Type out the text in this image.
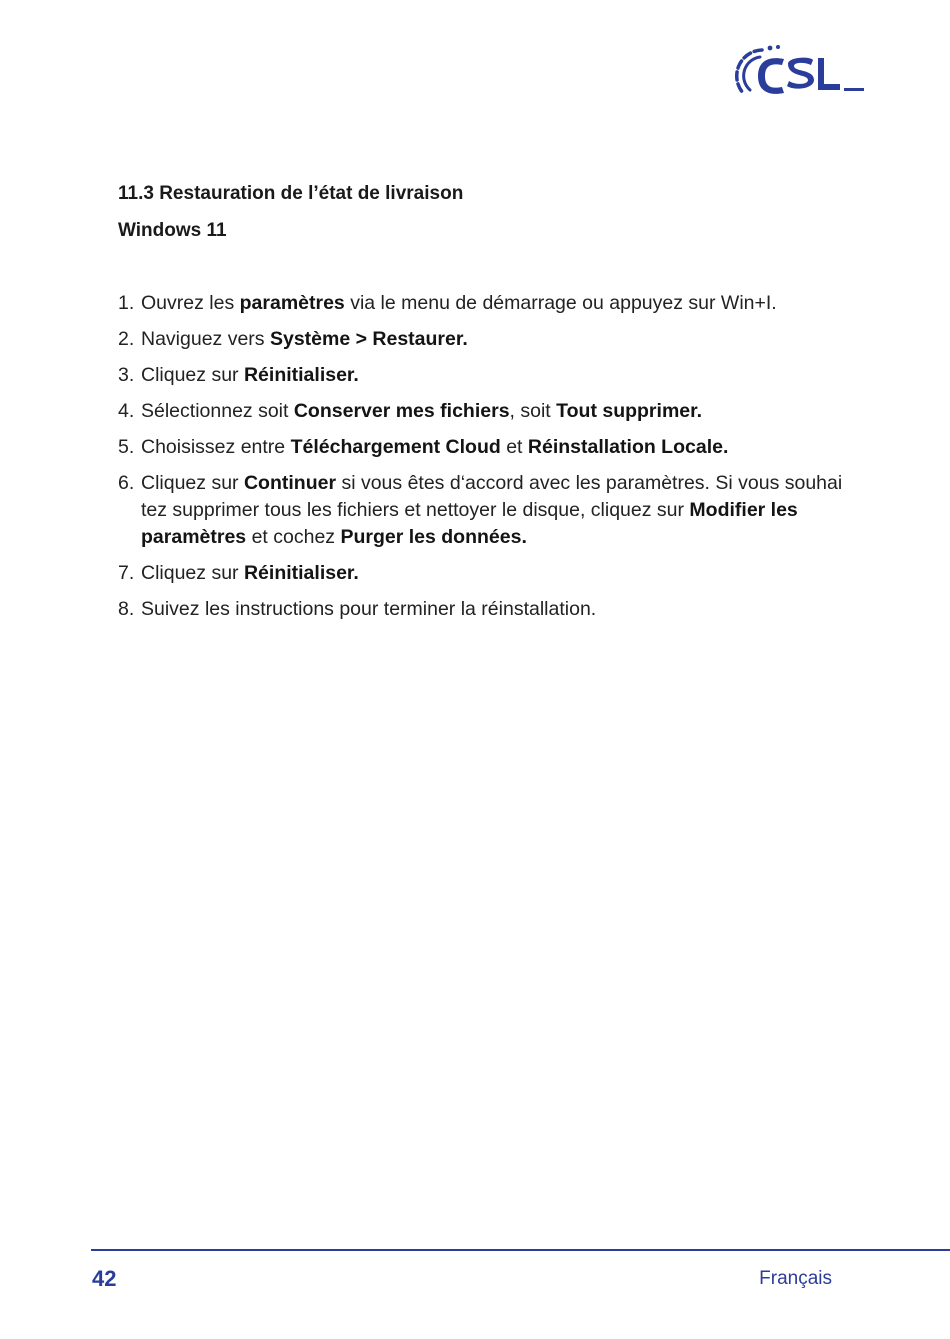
11.3 Restauration de l’état de livraison
Windows 11
1. Ouvrez les paramètres via le menu de démarrage ou appuyez sur Win+I.
2. Naviguez vers Système > Restaurer.
3. Cliquez sur Réinitialiser.
4. Sélectionnez soit Conserver mes fichiers, soit Tout supprimer.
5. Choisissez entre Téléchargement Cloud et Réinstallation Locale.
6. Cliquez sur Continuer si vous êtes d‘accord avec les paramètres. Si vous souhai tez supprimer tous les fichiers et nettoyer le disque, cliquez sur Modifier les paramètres et cochez Purger les données.
7. Cliquez sur Réinitialiser.
8. Suivez les instructions pour terminer la réinstallation.
42	Français
